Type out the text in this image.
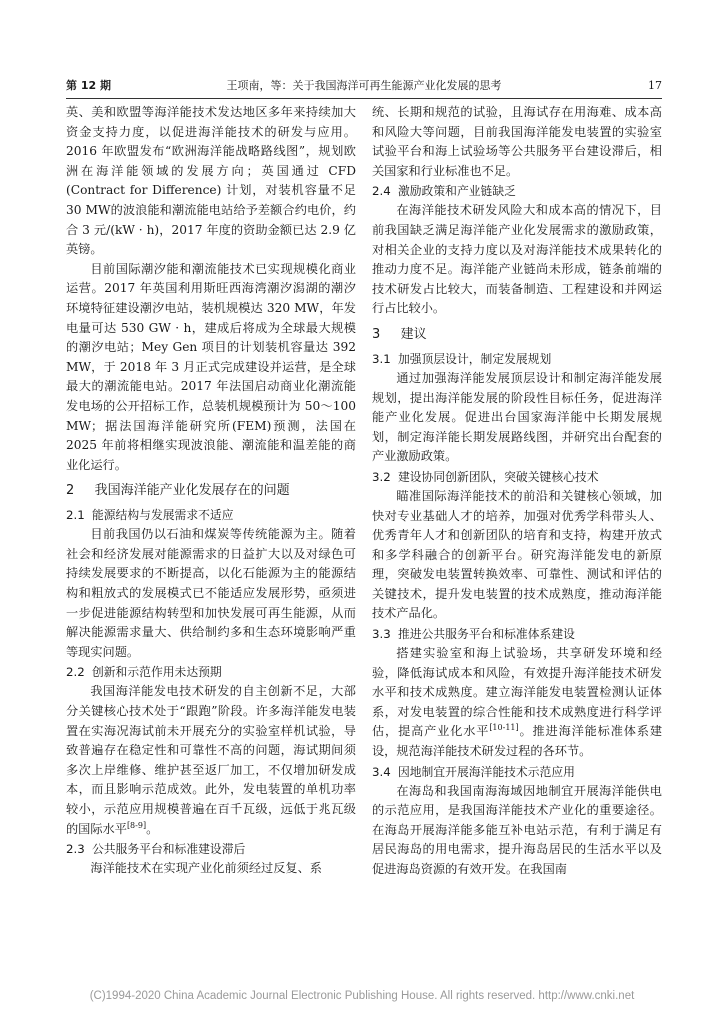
第 12 期	王项南，等：关于我国海洋可再生能源产业化发展的思考	17

英、美和欧盟等海洋能技术发达地区多年来持续加大资金支持力度，以促进海洋能技术的研发与应用。2016 年欧盟发布“欧洲海洋能战略路线图”，规划欧洲在海洋能领域的发展方向；英国通过 CFD (Contract for Difference) 计划，对装机容量不足 30 MW的波浪能和潮流能电站给予差额合约电价，约合 3 元/(kW · h)，2017 年度的资助金额已达 2.9 亿英镑。

目前国际潮汐能和潮流能技术已实现规模化商业运营。2017 年英国利用斯旺西海湾潮汐潟湖的潮汐环境特征建设潮汐电站，装机规模达 320 MW，年发电量可达 530 GW · h，建成后将成为全球最大规模的潮汐电站；Mey Gen 项目的计划装机容量达 392 MW，于 2018 年 3 月正式完成建设并运营，是全球最大的潮流能电站。2017 年法国启动商业化潮流能发电场的公开招标工作，总装机规模预计为 50～100 MW；据法国海洋能研究所(FEM)预测，法国在 2025 年前将相继实现波浪能、潮流能和温差能的商业化运行。

2 我国海洋能产业化发展存在的问题
2.1 能源结构与发展需求不适应

目前我国仍以石油和煤炭等传统能源为主。随着社会和经济发展对能源需求的日益扩大以及对绿色可持续发展要求的不断提高，以化石能源为主的能源结构和粗放式的发展模式已不能适应发展形势，亟须进一步促进能源结构转型和加快发展可再生能源，从而解决能源需求量大、供给制约多和生态环境影响严重等现实问题。

2.2 创新和示范作用未达预期

我国海洋能发电技术研发的自主创新不足，大部分关键核心技术处于“跟跑”阶段。许多海洋能发电装置在实海况海试前未开展充分的实验室样机试验，导致普遍存在稳定性和可靠性不高的问题，海试期间须多次上岸维修、维护甚至返厂加工，不仅增加研发成本，而且影响示范成效。此外，发电装置的单机功率较小，示范应用规模普遍在百千瓦级，远低于兆瓦级的国际水平[8-9]。

2.3 公共服务平台和标准建设滞后

海洋能技术在实现产业化前须经过反复、系

统、长期和规范的试验，且海试存在用海难、成本高和风险大等问题，目前我国海洋能发电装置的实验室试验平台和海上试验场等公共服务平台建设滞后，相关国家和行业标准也不足。

2.4 激励政策和产业链缺乏

在海洋能技术研发风险大和成本高的情况下，目前我国缺乏满足海洋能产业化发展需求的激励政策，对相关企业的支持力度以及对海洋能技术成果转化的推动力度不足。海洋能产业链尚未形成，链条前端的技术研发占比较大，而装备制造、工程建设和并网运行占比较小。

3 建议
3.1 加强顶层设计，制定发展规划

通过加强海洋能发展顶层设计和制定海洋能发展规划，提出海洋能发展的阶段性目标任务，促进海洋能产业化发展。促进出台国家海洋能中长期发展规划，制定海洋能长期发展路线图，并研究出台配套的产业激励政策。

3.2 建设协同创新团队，突破关键核心技术

瞄准国际海洋能技术的前沿和关键核心领域，加快对专业基础人才的培养，加强对优秀学科带头人、优秀青年人才和创新团队的培育和支持，构建开放式和多学科融合的创新平台。研究海洋能发电的新原理，突破发电装置转换效率、可靠性、测试和评估的关键技术，提升发电装置的技术成熟度，推动海洋能技术产品化。

3.3 推进公共服务平台和标准体系建设

搭建实验室和海上试验场，共享研发环境和经验，降低海试成本和风险，有效提升海洋能技术研发水平和技术成熟度。建立海洋能发电装置检测认证体系，对发电装置的综合性能和技术成熟度进行科学评估，提高产业化水平[10-11]。推进海洋能标准体系建设，规范海洋能技术研发过程的各环节。

3.4 因地制宜开展海洋能技术示范应用

在海岛和我国南海海域因地制宜开展海洋能供电的示范应用，是我国海洋能技术产业化的重要途径。在海岛开展海洋能多能互补电站示范，有利于满足有居民海岛的用电需求，提升海岛居民的生活水平以及促进海岛资源的有效开发。在我国南

(C)1994-2020 China Academic Journal Electronic Publishing House. All rights reserved. http://www.cnki.net
